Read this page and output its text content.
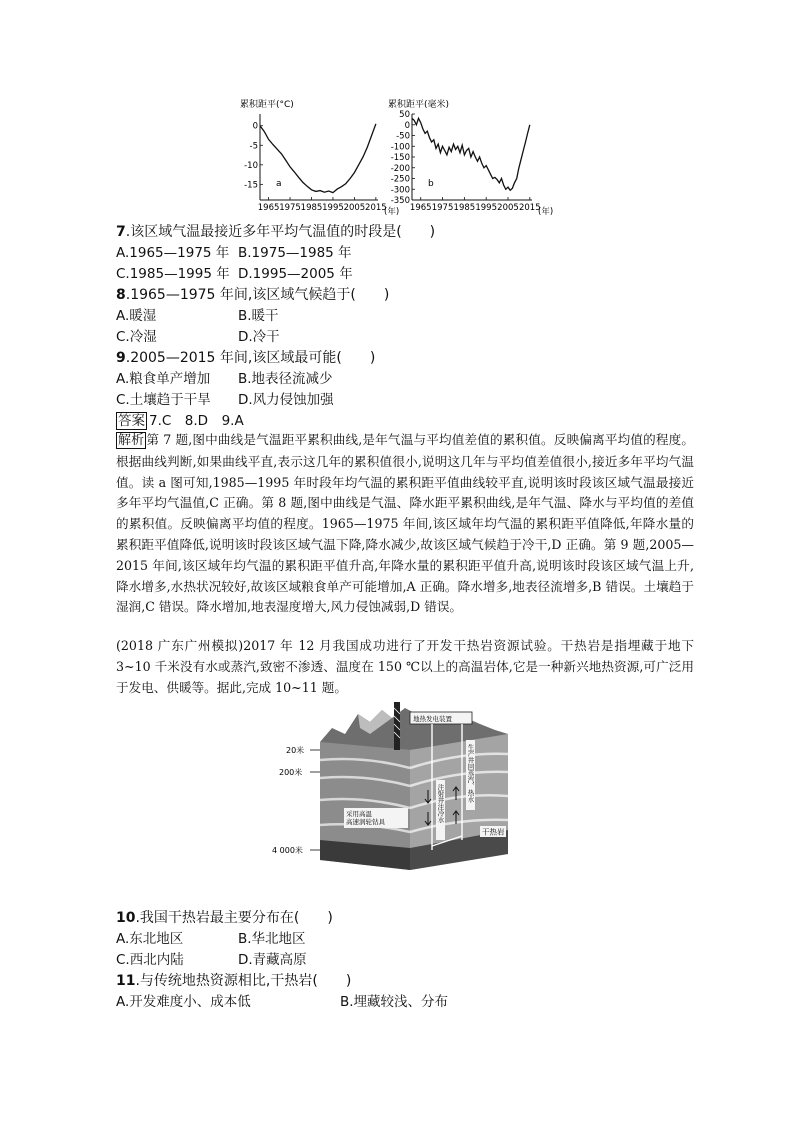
累积距平(°C)
0
-5
-10
-15
1965 1975 1985 1995 2005 2015
(年)
a
累积距平(毫米)
50
0
-50
-100
-150
-200
-250
-300
-350
1965 1975 1985 1995 2005 2015
(年)
b
7.该区域气温最接近多年平均气温值的时段是(　　)
A.1965—1975 年 B.1975—1985 年
C.1985—1995 年 D.1995—2005 年
8.1965—1975 年间,该区域气候趋于(　　)
A.暖湿	B.暖干
C.冷湿	D.冷干
9.2005—2015 年间,该区域最可能(　　)
A.粮食单产增加 B.地表径流减少
C.土壤趋于干旱 D.风力侵蚀加强
答案 7.C　8.D　9.A
解析 第 7 题,图中曲线是气温距平累积曲线,是年气温与平均值差值的累积值。反映偏离平均值的程度。根据曲线判断,如果曲线平直,表示这几年的累积值很小,说明这几年与平均值差值很小,接近多年平均气温值。读 a 图可知,1985—1995 年时段年均气温的累积距平值曲线较平直,说明该时段该区域气温最接近多年平均气温值,C 正确。第 8 题,图中曲线是气温、降水距平累积曲线,是年气温、降水与平均值的差值的累积值。反映偏离平均值的程度。1965—1975 年间,该区域年均气温的累积距平值降低,年降水量的累积距平值降低,说明该时段该区域气温下降,降水减少,故该区域气候趋于冷干,D 正确。第 9 题,2005—2015 年间,该区域年均气温的累积距平值升高,年降水量的累积距平值升高,说明该时段该区域气温上升,降水增多,水热状况较好,故该区域粮食单产可能增加,A 正确。降水增多,地表径流增多,B 错误。土壤趋于湿润,C 错误。降水增加,地表湿度增大,风力侵蚀减弱,D 错误。
(2018 广东广州模拟)2017 年 12 月我国成功进行了开发干热岩资源试验。干热岩是指埋藏于地下 3~10 千米没有水或蒸汽,致密不渗透、温度在 150 ℃以上的高温岩体,它是一种新兴地热资源,可广泛用于发电、供暖等。据此,完成 10~11 题。
地热发电装置
注射井注冷水
生产井回蒸汽、热水
采用高温高速涡轮钻具
干热岩
20米
200米
4 000米
10.我国干热岩最主要分布在(　　)
A.东北地区	B.华北地区
C.西北内陆	D.青藏高原
11.与传统地热资源相比,干热岩(　　)
A.开发难度小、成本低	B.埋藏较浅、分布
